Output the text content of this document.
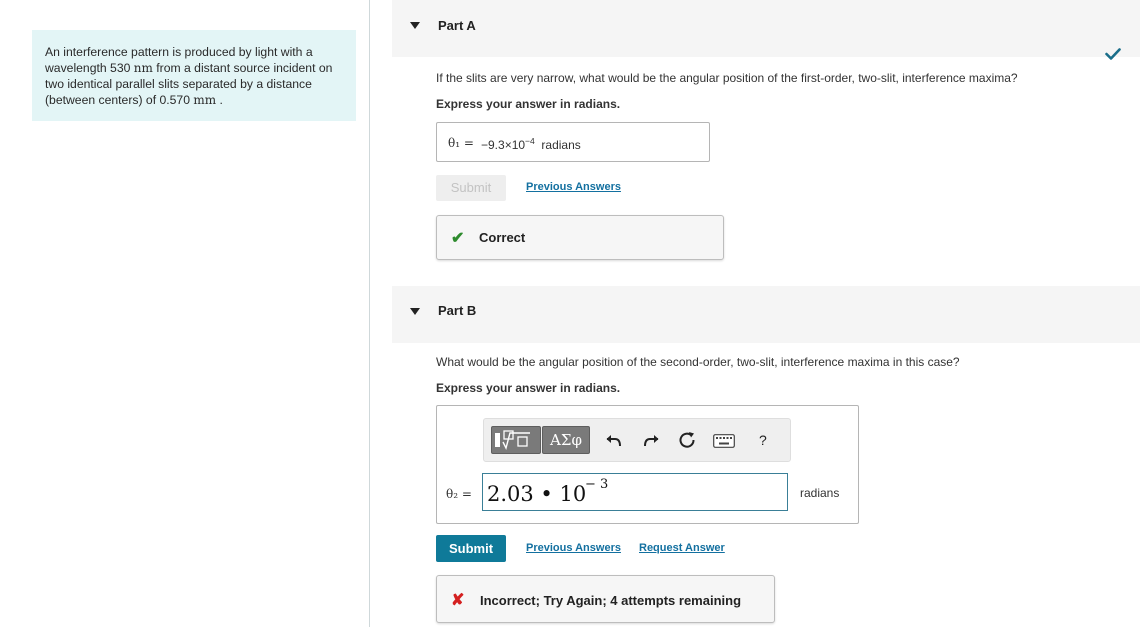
An interference pattern is produced by light with a wavelength 530 nm from a distant source incident on two identical parallel slits separated by a distance (between centers) of 0.570 mm .
Part A
If the slits are very narrow, what would be the angular position of the first-order, two-slit, interference maxima?
Express your answer in radians.
$\theta_1 = -9.3\times 10^{-4}$ radians
Submit	Previous Answers
✔ Correct
Part B
What would be the angular position of the second-order, two-slit, interference maxima in this case?
Express your answer in radians.
ΑΣφ	?
θ₂ = 2.03 • 10
− 3
radians
Submit	Previous Answers Request Answer
✘ Incorrect; Try Again; 4 attempts remaining
